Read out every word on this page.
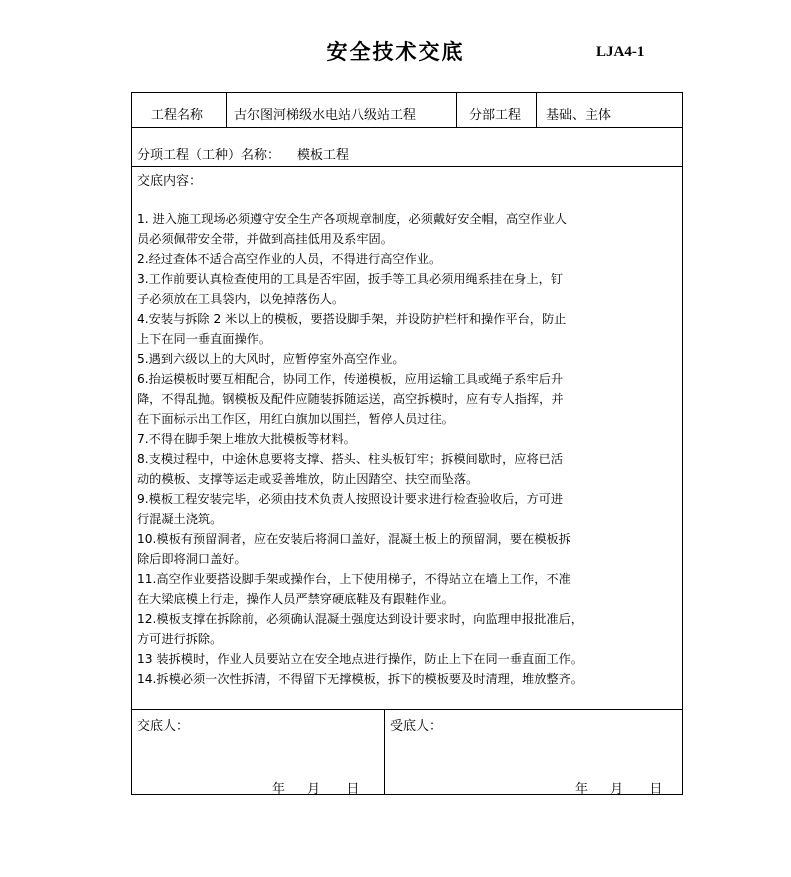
安全技术交底	LJA4-1
工程名称 古尔图河梯级水电站八级站工程	分部工程 基础、主体
分项工程（工种）名称： 模板工程
交底内容：
1. 进入施工现场必须遵守安全生产各项规章制度，必须戴好安全帽，高空作业人
员必须佩带安全带，并做到高挂低用及系牢固。
2.经过查体不适合高空作业的人员，不得进行高空作业。
3.工作前要认真检查使用的工具是否牢固，扳手等工具必须用绳系挂在身上，钉
子必须放在工具袋内，以免掉落伤人。
4.安装与拆除 2 米以上的模板，要搭设脚手架，并设防护栏杆和操作平台，防止
上下在同一垂直面操作。
5.遇到六级以上的大风时，应暂停室外高空作业。
6.抬运模板时要互相配合，协同工作，传递模板，应用运输工具或绳子系牢后升
降，不得乱抛。钢模板及配件应随装拆随运送，高空拆模时，应有专人指挥，并
在下面标示出工作区，用红白旗加以围拦，暂停人员过往。
7.不得在脚手架上堆放大批模板等材料。
8.支模过程中，中途休息要将支撑、搭头、柱头板钉牢；拆模间歇时，应将已活
动的模板、支撑等运走或妥善堆放，防止因踏空、扶空而坠落。
9.模板工程安装完毕，必须由技术负责人按照设计要求进行检查验收后，方可进
行混凝土浇筑。
10.模板有预留洞者，应在安装后将洞口盖好，混凝土板上的预留洞，要在模板拆
除后即将洞口盖好。
11.高空作业要搭设脚手架或操作台，上下使用梯子，不得站立在墙上工作，不准
在大梁底模上行走，操作人员严禁穿硬底鞋及有跟鞋作业。
12.模板支撑在拆除前，必须确认混凝土强度达到设计要求时，向监理申报批准后，
方可进行拆除。
13 装拆模时，作业人员要站立在安全地点进行操作，防止上下在同一垂直面工作。
14.拆模必须一次性拆清，不得留下无撑模板，拆下的模板要及时清理，堆放整齐。
交底人：	受底人：
年 月 日	年 月 日
